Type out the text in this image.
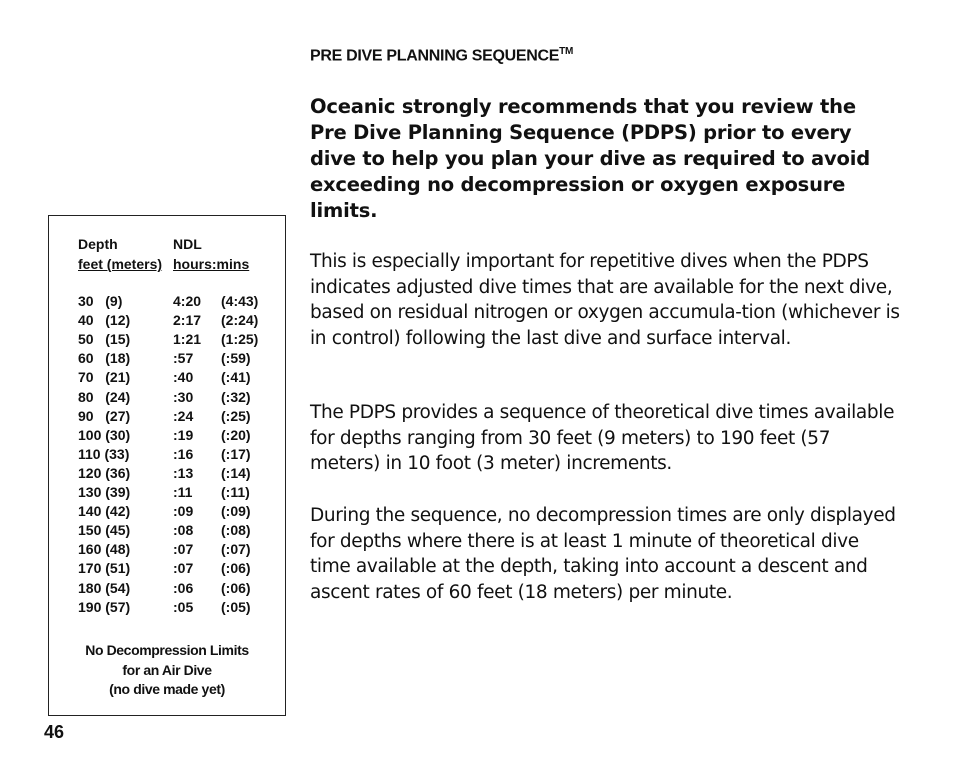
PRE DIVE PLANNING SEQUENCE™
Oceanic strongly recommends that you review the Pre Dive Planning Sequence (PDPS) prior to every dive to help you plan your dive as required to avoid exceeding no decompression or oxygen exposure limits.
This is especially important for repetitive dives when the PDPS indicates adjusted dive times that are available for the next dive, based on residual nitrogen or oxygen accumula-tion (whichever is in control) following the last dive and surface interval.
The PDPS provides a sequence of theoretical dive times available for depths ranging from 30 feet (9 meters) to 190 feet (57 meters) in 10 foot (3 meter) increments.
During the sequence, no decompression times are only displayed for depths where there is at least 1 minute of theoretical dive time available at the depth, taking into account a descent and ascent rates of 60 feet (18 meters) per minute.
Depth	NDL
feet (meters) hours:mins
30   (9)	4:20 (4:43)
40   (12)	2:17 (2:24)
50   (15)	1:21 (1:25)
60   (18)	:57 (:59)
70   (21)	:40 (:41)
80   (24)	:30 (:32)
90   (27)	:24 (:25)
100 (30)	:19 (:20)
110 (33)	:16 (:17)
120 (36)	:13 (:14)
130 (39)	:11 (:11)
140 (42)	:09 (:09)
150 (45)	:08 (:08)
160 (48)	:07 (:07)
170 (51)	:07 (:06)
180 (54)	:06 (:06)
190 (57)	:05 (:05)
No Decompression Limits
for an Air Dive
(no dive made yet)
46
